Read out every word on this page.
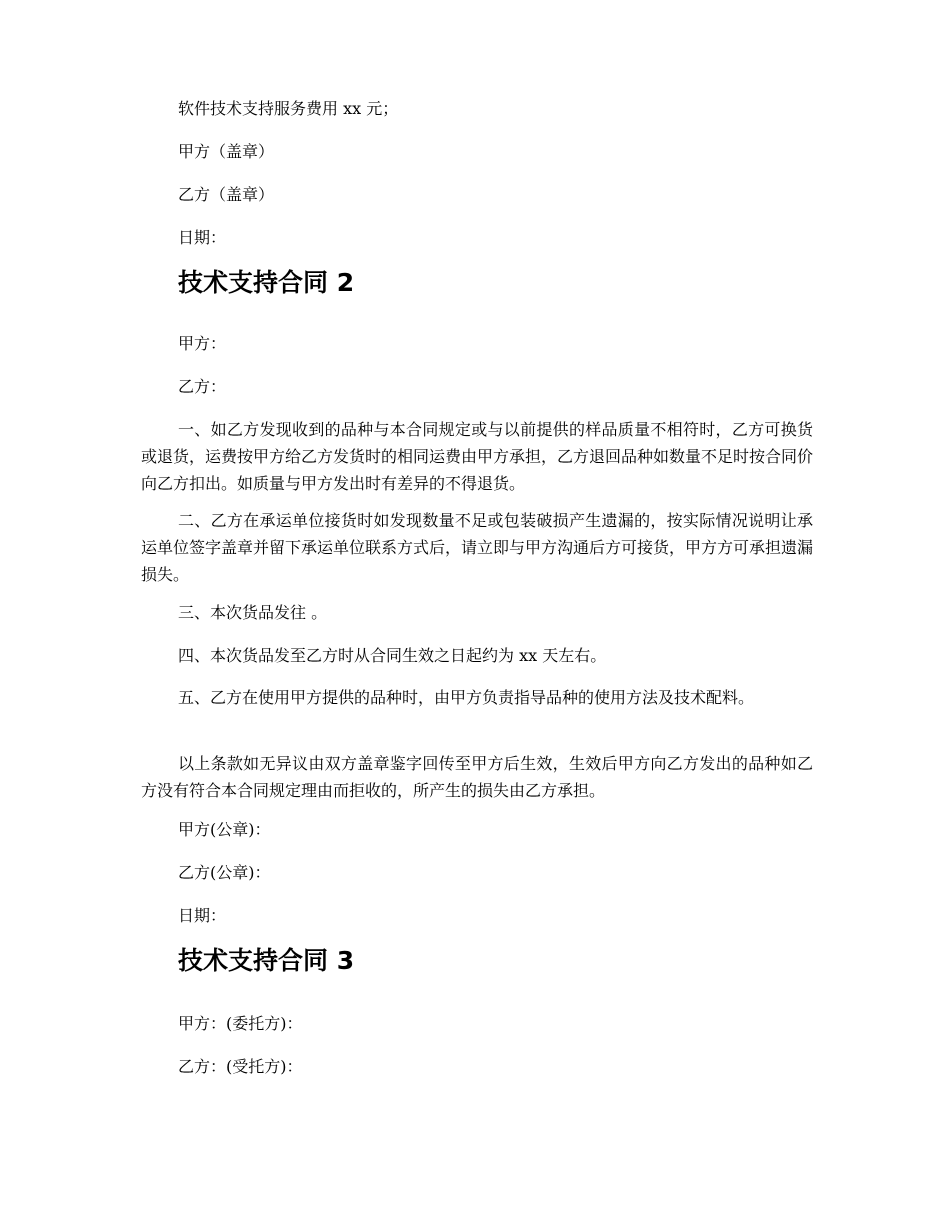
软件技术支持服务费用 xx 元；

甲方（盖章）

乙方（盖章）

日期：

技术支持合同 2

甲方：

乙方：

一、如乙方发现收到的品种与本合同规定或与以前提供的样品质量不相符时，乙方可换货或退货，运费按甲方给乙方发货时的相同运费由甲方承担，乙方退回品种如数量不足时按合同价向乙方扣出。如质量与甲方发出时有差异的不得退货。

二、乙方在承运单位接货时如发现数量不足或包装破损产生遗漏的，按实际情况说明让承运单位签字盖章并留下承运单位联系方式后，请立即与甲方沟通后方可接货，甲方方可承担遗漏损失。

三、本次货品发往 。

四、本次货品发至乙方时从合同生效之日起约为 xx 天左右。

五、乙方在使用甲方提供的品种时，由甲方负责指导品种的使用方法及技术配料。

以上条款如无异议由双方盖章鉴字回传至甲方后生效，生效后甲方向乙方发出的品种如乙方没有符合本合同规定理由而拒收的，所产生的损失由乙方承担。

甲方(公章)：

乙方(公章)：

日期：

技术支持合同 3

甲方：(委托方)：

乙方：(受托方)：
